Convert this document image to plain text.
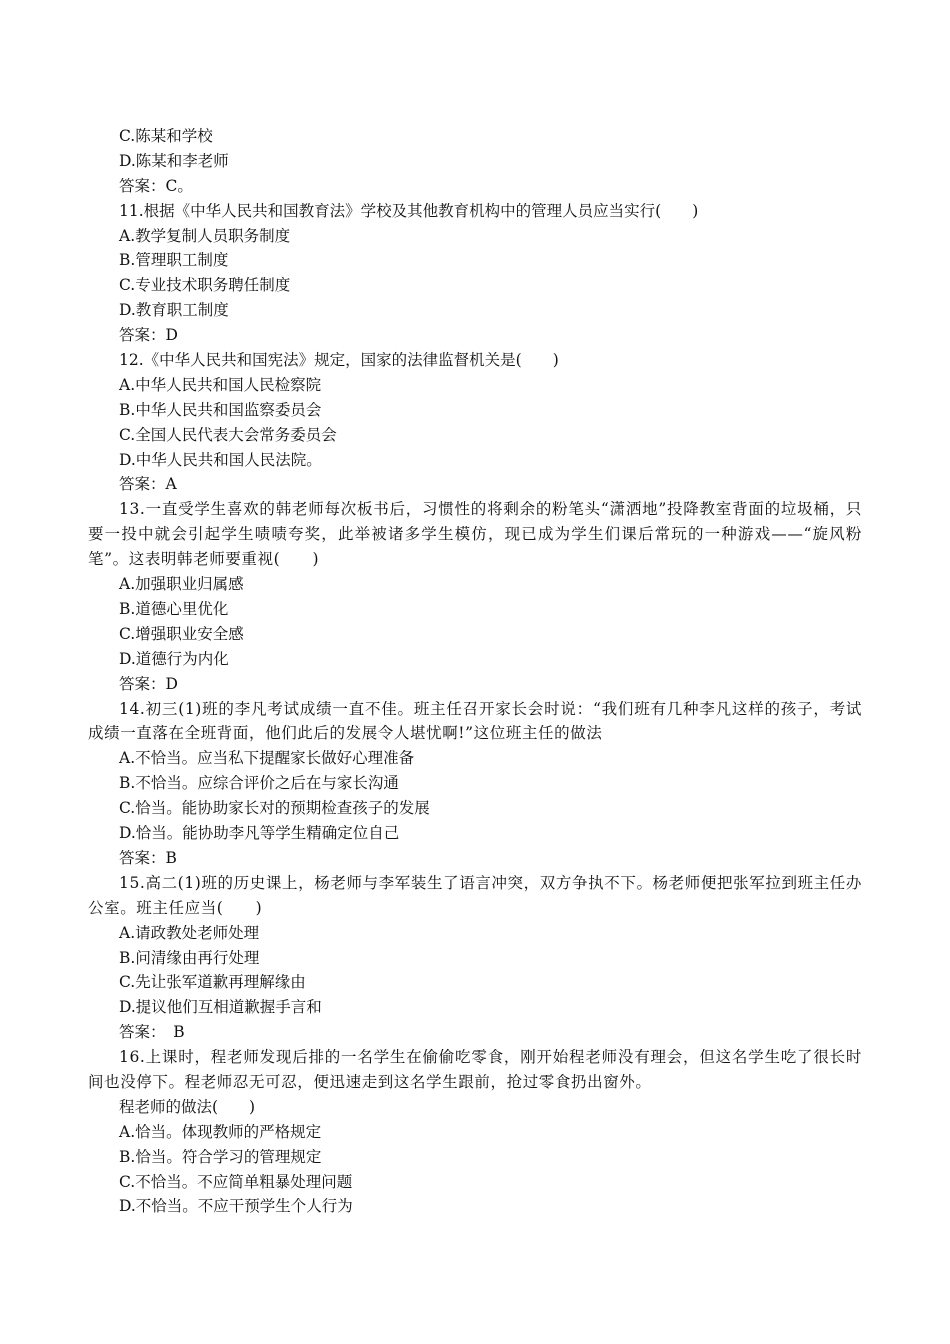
C.陈某和学校
D.陈某和李老师
答案：C。
11.根据《中华人民共和国教育法》学校及其他教育机构中的管理人员应当实行(　　)
A.教学复制人员职务制度
B.管理职工制度
C.专业技术职务聘任制度
D.教育职工制度
答案：D
12.《中华人民共和国宪法》规定，国家的法律监督机关是(　　)
A.中华人民共和国人民检察院
B.中华人民共和国监察委员会
C.全国人民代表大会常务委员会
D.中华人民共和国人民法院。
答案：A
13.一直受学生喜欢的韩老师每次板书后，习惯性的将剩余的粉笔头“潇洒地”投降教室背面的垃圾桶，只要一投中就会引起学生啧啧夸奖，此举被诸多学生模仿，现已成为学生们课后常玩的一种游戏——“旋风粉笔”。这表明韩老师要重视(　　)
A.加强职业归属感
B.道德心里优化
C.增强职业安全感
D.道德行为内化
答案：D
14.初三(1)班的李凡考试成绩一直不佳。班主任召开家长会时说：“我们班有几种李凡这样的孩子，考试成绩一直落在全班背面，他们此后的发展令人堪忧啊!”这位班主任的做法
A.不恰当。应当私下提醒家长做好心理准备
B.不恰当。应综合评价之后在与家长沟通
C.恰当。能协助家长对的预期检查孩子的发展
D.恰当。能协助李凡等学生精确定位自己
答案：B
15.高二(1)班的历史课上，杨老师与李军装生了语言冲突，双方争执不下。杨老师便把张军拉到班主任办公室。班主任应当(　　)
A.请政教处老师处理
B.问清缘由再行处理
C.先让张军道歉再理解缘由
D.提议他们互相道歉握手言和
答案：　B
16.上课时，程老师发现后排的一名学生在偷偷吃零食，刚开始程老师没有理会，但这名学生吃了很长时间也没停下。程老师忍无可忍，便迅速走到这名学生跟前，抢过零食扔出窗外。
程老师的做法(　　)
A.恰当。体现教师的严格规定
B.恰当。符合学习的管理规定
C.不恰当。不应简单粗暴处理问题
D.不恰当。不应干预学生个人行为
